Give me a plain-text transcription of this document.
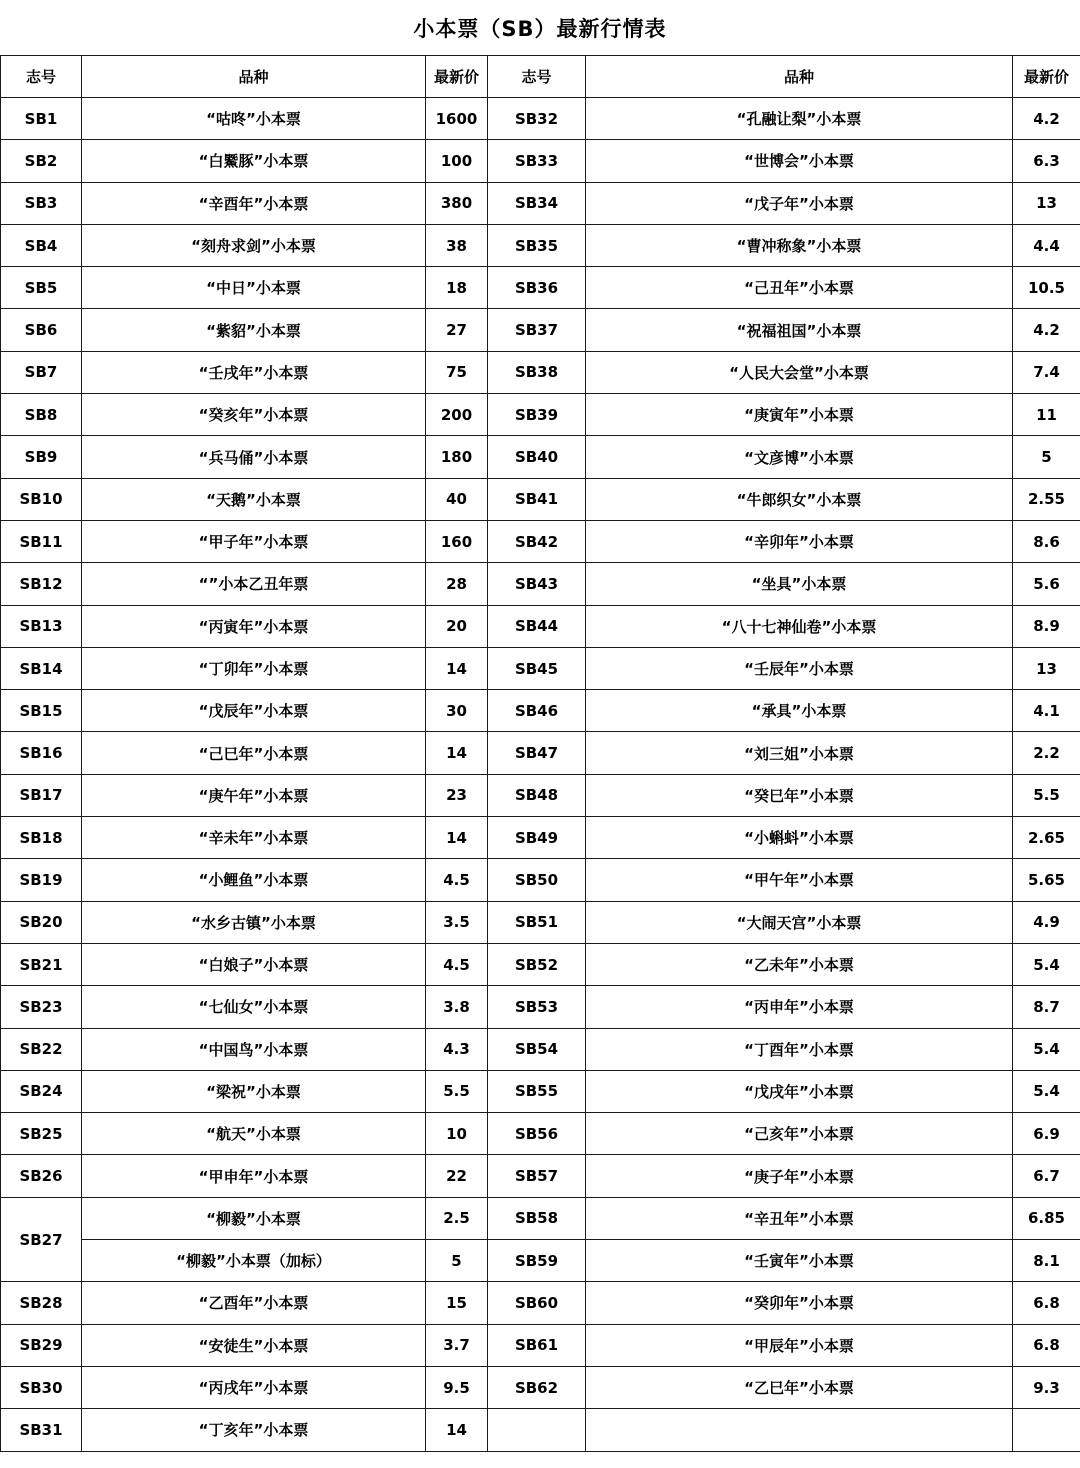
小本票（SB）最新行情表
志号	品种	最新价	志号	品种	最新价
SB1	“咕咚”小本票	1600	SB32	“孔融让梨”小本票	4.2
SB2	“白鱀豚”小本票	100	SB33	“世博会”小本票	6.3
SB3	“辛酉年”小本票	380	SB34	“戊子年”小本票	13
SB4	“刻舟求剑”小本票	38	SB35	“曹冲称象”小本票	4.4
SB5	“中日”小本票	18	SB36	“己丑年”小本票	10.5
SB6	“紫貂”小本票	27	SB37	“祝福祖国”小本票	4.2
SB7	“壬戌年”小本票	75	SB38	“人民大会堂”小本票	7.4
SB8	“癸亥年”小本票	200	SB39	“庚寅年”小本票	11
SB9	“兵马俑”小本票	180	SB40	“文彦博”小本票	5
SB10	“天鹅”小本票	40	SB41	“牛郎织女”小本票	2.55
SB11	“甲子年”小本票	160	SB42	“辛卯年”小本票	8.6
SB12	“”小本乙丑年票	28	SB43	“坐具”小本票	5.6
SB13	“丙寅年”小本票	20	SB44	“八十七神仙卷”小本票	8.9
SB14	“丁卯年”小本票	14	SB45	“壬辰年”小本票	13
SB15	“戊辰年”小本票	30	SB46	“承具”小本票	4.1
SB16	“己巳年”小本票	14	SB47	“刘三姐”小本票	2.2
SB17	“庚午年”小本票	23	SB48	“癸巳年”小本票	5.5
SB18	“辛未年”小本票	14	SB49	“小蝌蚪”小本票	2.65
SB19	“小鲤鱼”小本票	4.5	SB50	“甲午年”小本票	5.65
SB20	“水乡古镇”小本票	3.5	SB51	“大闹天宫”小本票	4.9
SB21	“白娘子”小本票	4.5	SB52	“乙未年”小本票	5.4
SB23	“七仙女”小本票	3.8	SB53	“丙申年”小本票	8.7
SB22	“中国鸟”小本票	4.3	SB54	“丁酉年”小本票	5.4
SB24	“梁祝”小本票	5.5	SB55	“戊戌年”小本票	5.4
SB25	“航天”小本票	10	SB56	“己亥年”小本票	6.9
SB26	“甲申年”小本票	22	SB57	“庚子年”小本票	6.7
SB27	“柳毅”小本票	2.5	SB58	“辛丑年”小本票	6.85
	“柳毅”小本票（加标）	5	SB59	“壬寅年”小本票	8.1
SB28	“乙酉年”小本票	15	SB60	“癸卯年”小本票	6.8
SB29	“安徒生”小本票	3.7	SB61	“甲辰年”小本票	6.8
SB30	“丙戌年”小本票	9.5	SB62	“乙巳年”小本票	9.3
SB31	“丁亥年”小本票	14			
